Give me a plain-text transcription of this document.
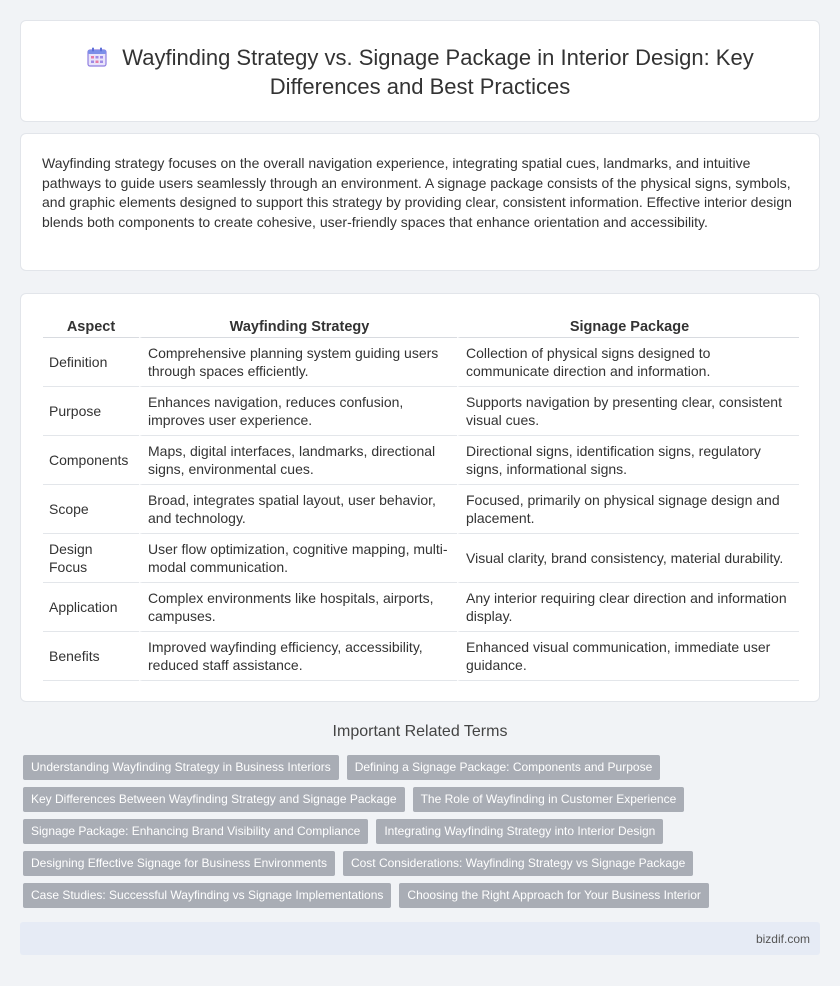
Wayfinding Strategy vs. Signage Package in Interior Design: Key Differences and Best Practices

Wayfinding strategy focuses on the overall navigation experience, integrating spatial cues, landmarks, and intuitive pathways to guide users seamlessly through an environment. A signage package consists of the physical signs, symbols, and graphic elements designed to support this strategy by providing clear, consistent information. Effective interior design blends both components to create cohesive, user-friendly spaces that enhance orientation and accessibility.

Aspect	Wayfinding Strategy	Signage Package
Definition	Comprehensive planning system guiding users through spaces efficiently.	Collection of physical signs designed to communicate direction and information.
Purpose	Enhances navigation, reduces confusion, improves user experience.	Supports navigation by presenting clear, consistent visual cues.
Components	Maps, digital interfaces, landmarks, directional signs, environmental cues.	Directional signs, identification signs, regulatory signs, informational signs.
Scope	Broad, integrates spatial layout, user behavior, and technology.	Focused, primarily on physical signage design and placement.
Design Focus	User flow optimization, cognitive mapping, multi-modal communication.	Visual clarity, brand consistency, material durability.
Application	Complex environments like hospitals, airports, campuses.	Any interior requiring clear direction and information display.
Benefits	Improved wayfinding efficiency, accessibility, reduced staff assistance.	Enhanced visual communication, immediate user guidance.
Important Related Terms
Understanding Wayfinding Strategy in Business Interiors	Defining a Signage Package: Components and Purpose
Key Differences Between Wayfinding Strategy and Signage Package	The Role of Wayfinding in Customer Experience
Signage Package: Enhancing Brand Visibility and Compliance	Integrating Wayfinding Strategy into Interior Design
Designing Effective Signage for Business Environments	Cost Considerations: Wayfinding Strategy vs Signage Package
Case Studies: Successful Wayfinding vs Signage Implementations	Choosing the Right Approach for Your Business Interior
bizdif.com
